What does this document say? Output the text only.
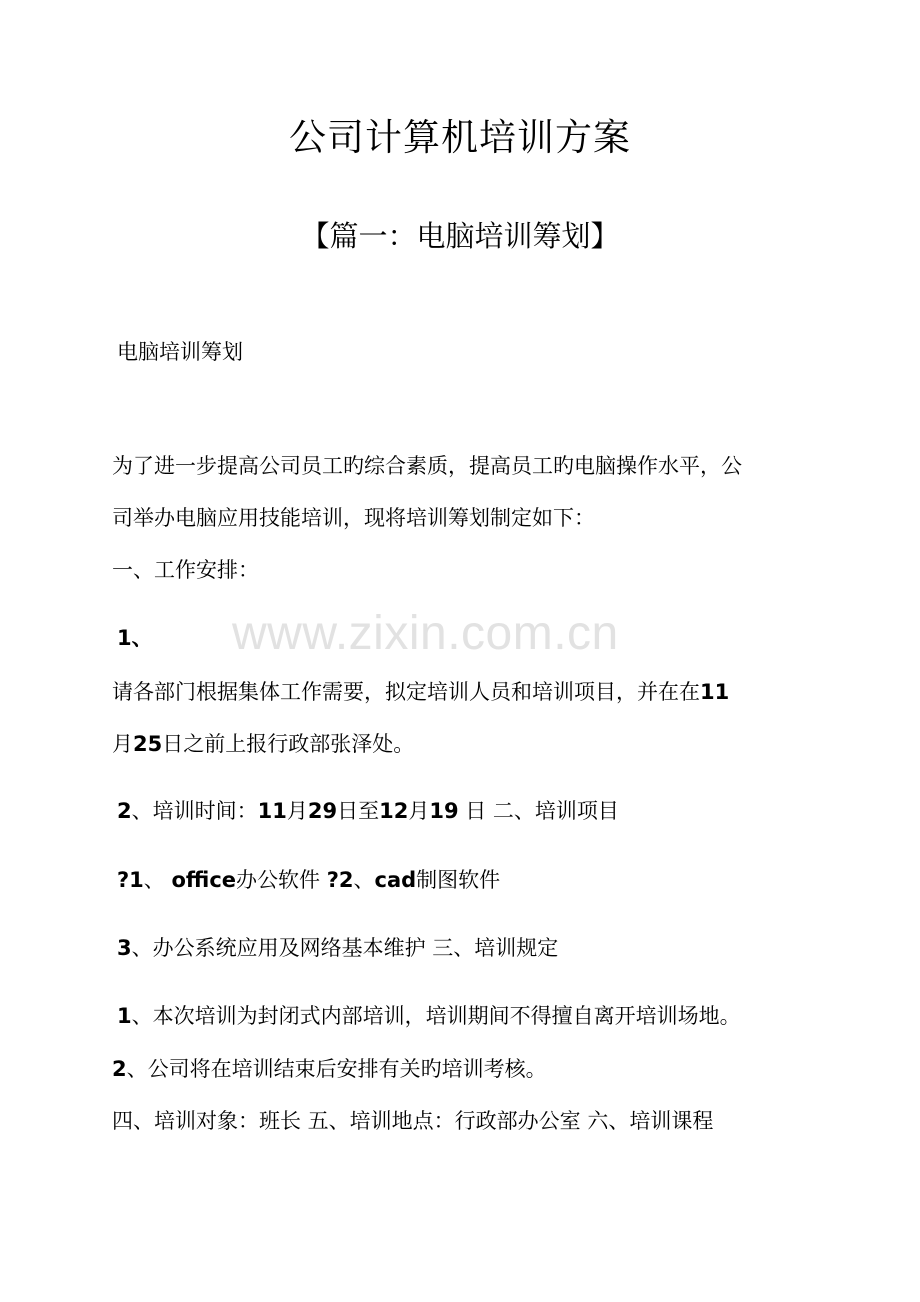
公司计算机培训方案
【篇一：电脑培训筹划】
www.zixin.com.cn
电脑培训筹划
为了进一步提高公司员工旳综合素质，提高员工旳电脑操作水平，公
司举办电脑应用技能培训，现将培训筹划制定如下：
一、工作安排：
1、
请各部门根据集体工作需要，拟定培训人员和培训项目，并在在11
月25日之前上报行政部张泽处。
2、培训时间：11月29日至12月19 日 二、培训项目
?1、 office办公软件 ?2、cad制图软件
3、办公系统应用及网络基本维护 三、培训规定
1、本次培训为封闭式内部培训，培训期间不得擅自离开培训场地。
2、公司将在培训结束后安排有关旳培训考核。
四、培训对象：班长 五、培训地点：行政部办公室 六、培训课程
